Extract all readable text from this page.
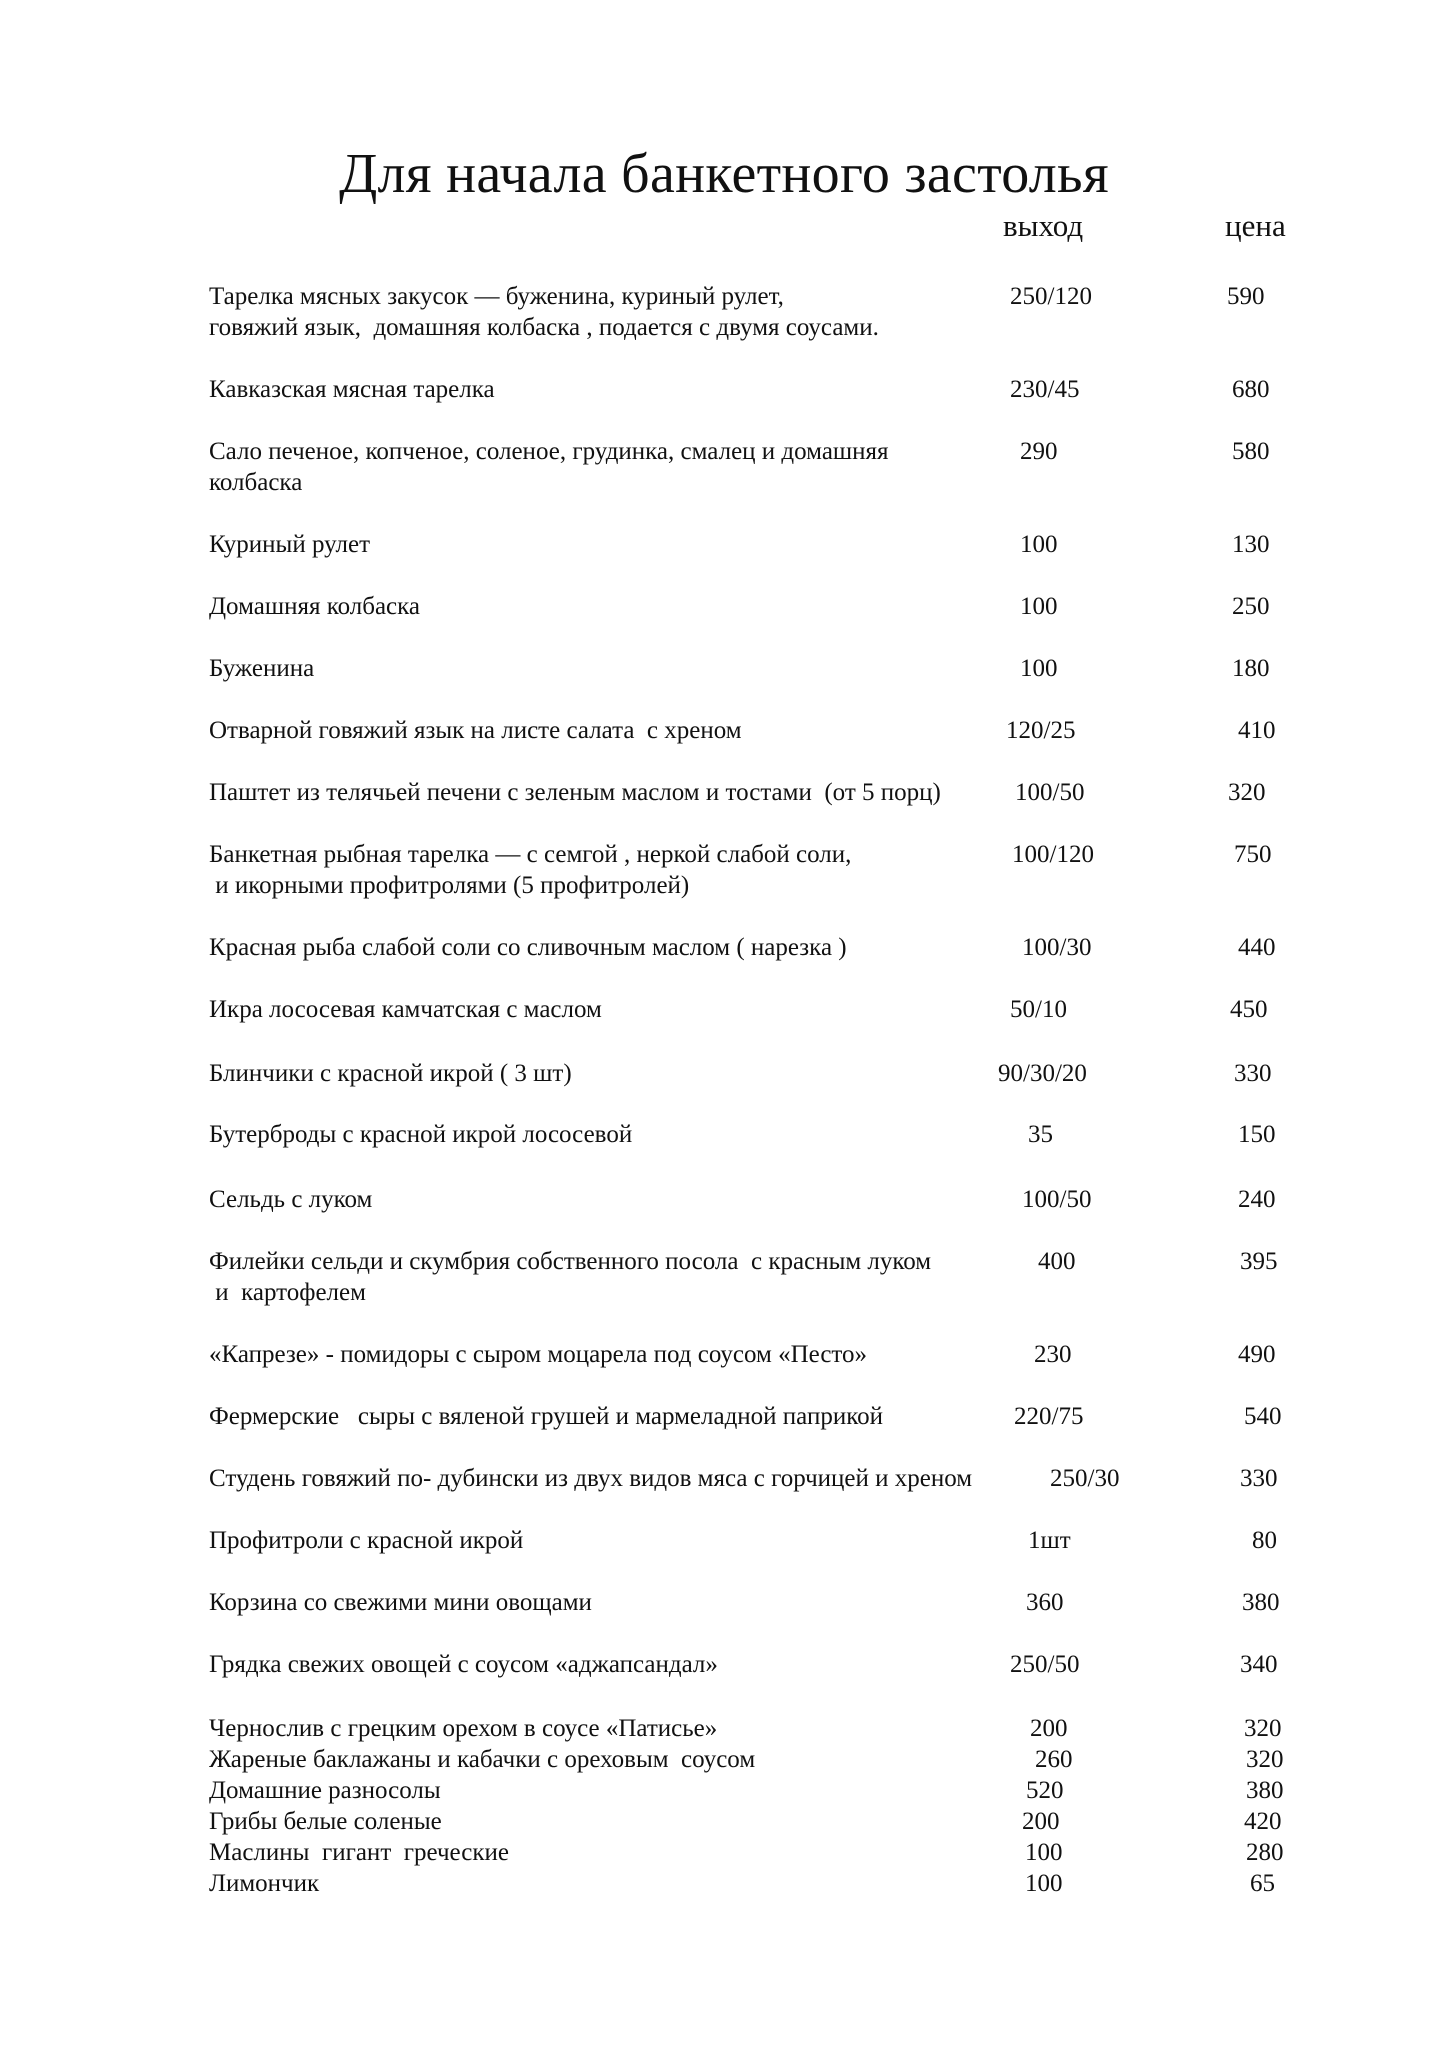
Для начала банкетного застолья
выход	цена
Тарелка мясных закусок — буженина, куриный рулет,
говяжий язык,  домашняя колбаска , подается с двумя соусами.
250/120	590
Кавказская мясная тарелка	230/45	680
Сало печеное, копченое, соленое, грудинка, смалец и домашняя
колбаска
290	580
Куриный рулет	100	130
Домашняя колбаска	100	250
Буженина	100	180
Отварной говяжий язык на листе салата  с хреном	120/25	410
Паштет из телячьей печени с зеленым маслом и тостами  (от 5 порц)	100/50	320
Банкетная рыбная тарелка — с семгой , неркой слабой соли,
и икорными профитролями (5 профитролей)
100/120	750
Красная рыба слабой соли со сливочным маслом ( нарезка )	100/30	440
Икра лососевая камчатская с маслом	50/10	450
Блинчики с красной икрой ( 3 шт)	90/30/20	330
Бутерброды с красной икрой лососевой	35	150
Сельдь с луком	100/50	240
Филейки сельди и скумбрия собственного посола  с красным луком
и  картофелем
400	395
«Капрезе» - помидоры с сыром моцарела под соусом «Песто»	230	490
Фермерские   сыры с вяленой грушей и мармеладной паприкой	220/75	540
Студень говяжий по- дубински из двух видов мяса с горчицей и хреном	250/30	330
Профитроли с красной икрой	1шт	80
Корзина со свежими мини овощами	360	380
Грядка свежих овощей с соусом «аджапсандал»	250/50	340
Чернослив с грецким орехом в соусе «Патисье»	200	320
Жареные баклажаны и кабачки с ореховым  соусом	260	320
Домашние разносолы	520	380
Грибы белые соленые	200	420
Маслины  гигант  греческие	100	280
Лимончик	100	65
